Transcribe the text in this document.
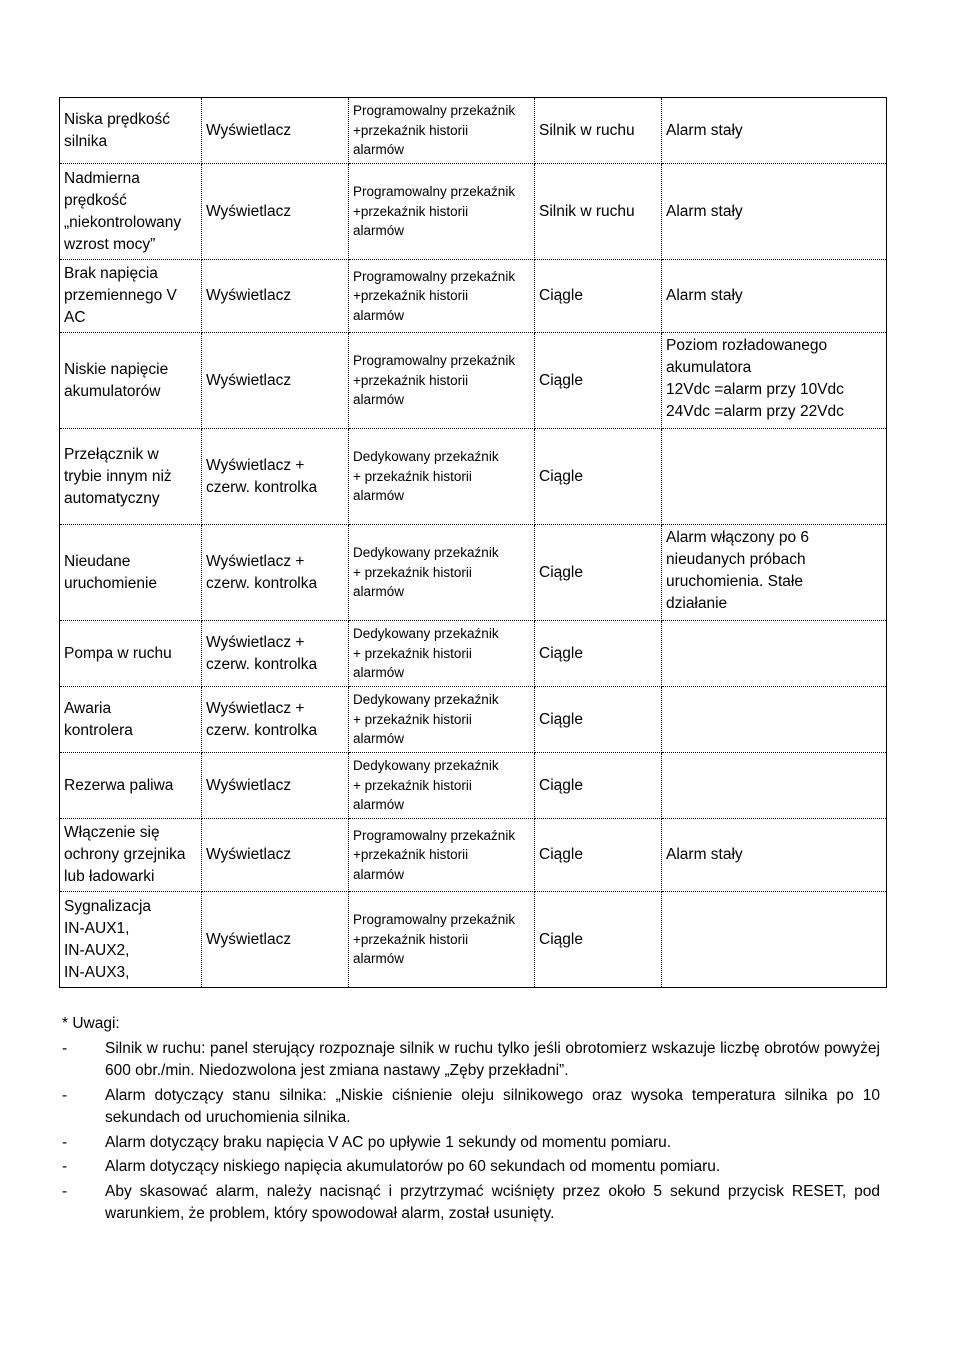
Niska prędkość
silnika	Wyświetlacz	Programowalny przekaźnik
+przekaźnik historii
alarmów	Silnik w ruchu	Alarm stały

Nadmierna
prędkość
„niekontrolowany
wzrost mocy”	Wyświetlacz	Programowalny przekaźnik
+przekaźnik historii
alarmów	Silnik w ruchu	Alarm stały

Brak napięcia
przemiennego V
AC	Wyświetlacz	Programowalny przekaźnik
+przekaźnik historii
alarmów	Ciągle	Alarm stały

Niskie napięcie
akumulatorów	Wyświetlacz	Programowalny przekaźnik
+przekaźnik historii
alarmów	Ciągle	Poziom rozładowanego
akumulatora
12Vdc =alarm przy 10Vdc
24Vdc =alarm przy 22Vdc

Przełącznik w
trybie innym niż
automatyczny	Wyświetlacz +
czerw. kontrolka	Dedykowany przekaźnik
+ przekaźnik historii
alarmów	Ciągle	

Nieudane
uruchomienie	Wyświetlacz +
czerw. kontrolka	Dedykowany przekaźnik
+ przekaźnik historii
alarmów	Ciągle	Alarm włączony po 6
nieudanych próbach
uruchomienia. Stałe
działanie

Pompa w ruchu	Wyświetlacz +
czerw. kontrolka	Dedykowany przekaźnik
+ przekaźnik historii
alarmów	Ciągle	

Awaria
kontrolera	Wyświetlacz +
czerw. kontrolka	Dedykowany przekaźnik
+ przekaźnik historii
alarmów	Ciągle	

Rezerwa paliwa	Wyświetlacz	Dedykowany przekaźnik
+ przekaźnik historii
alarmów	Ciągle	

Włączenie się
ochrony grzejnika
lub ładowarki	Wyświetlacz	Programowalny przekaźnik
+przekaźnik historii
alarmów	Ciągle	Alarm stały

Sygnalizacja
IN-AUX1,
IN-AUX2,
IN-AUX3,	Wyświetlacz	Programowalny przekaźnik
+przekaźnik historii
alarmów	Ciągle	
* Uwagi:
- Silnik w ruchu: panel sterujący rozpoznaje silnik w ruchu tylko jeśli obrotomierz wskazuje liczbę obrotów powyżej 600 obr./min. Niedozwolona jest zmiana nastawy „Zęby przekładni”.
- Alarm dotyczący stanu silnika: „Niskie ciśnienie oleju silnikowego oraz wysoka temperatura silnika po 10 sekundach od uruchomienia silnika.
- Alarm dotyczący braku napięcia V AC po upływie 1 sekundy od momentu pomiaru.
- Alarm dotyczący niskiego napięcia akumulatorów po 60 sekundach od momentu pomiaru.
- Aby skasować alarm, należy nacisnąć i przytrzymać wciśnięty przez około 5 sekund przycisk RESET, pod warunkiem, że problem, który spowodował alarm, został usunięty.
